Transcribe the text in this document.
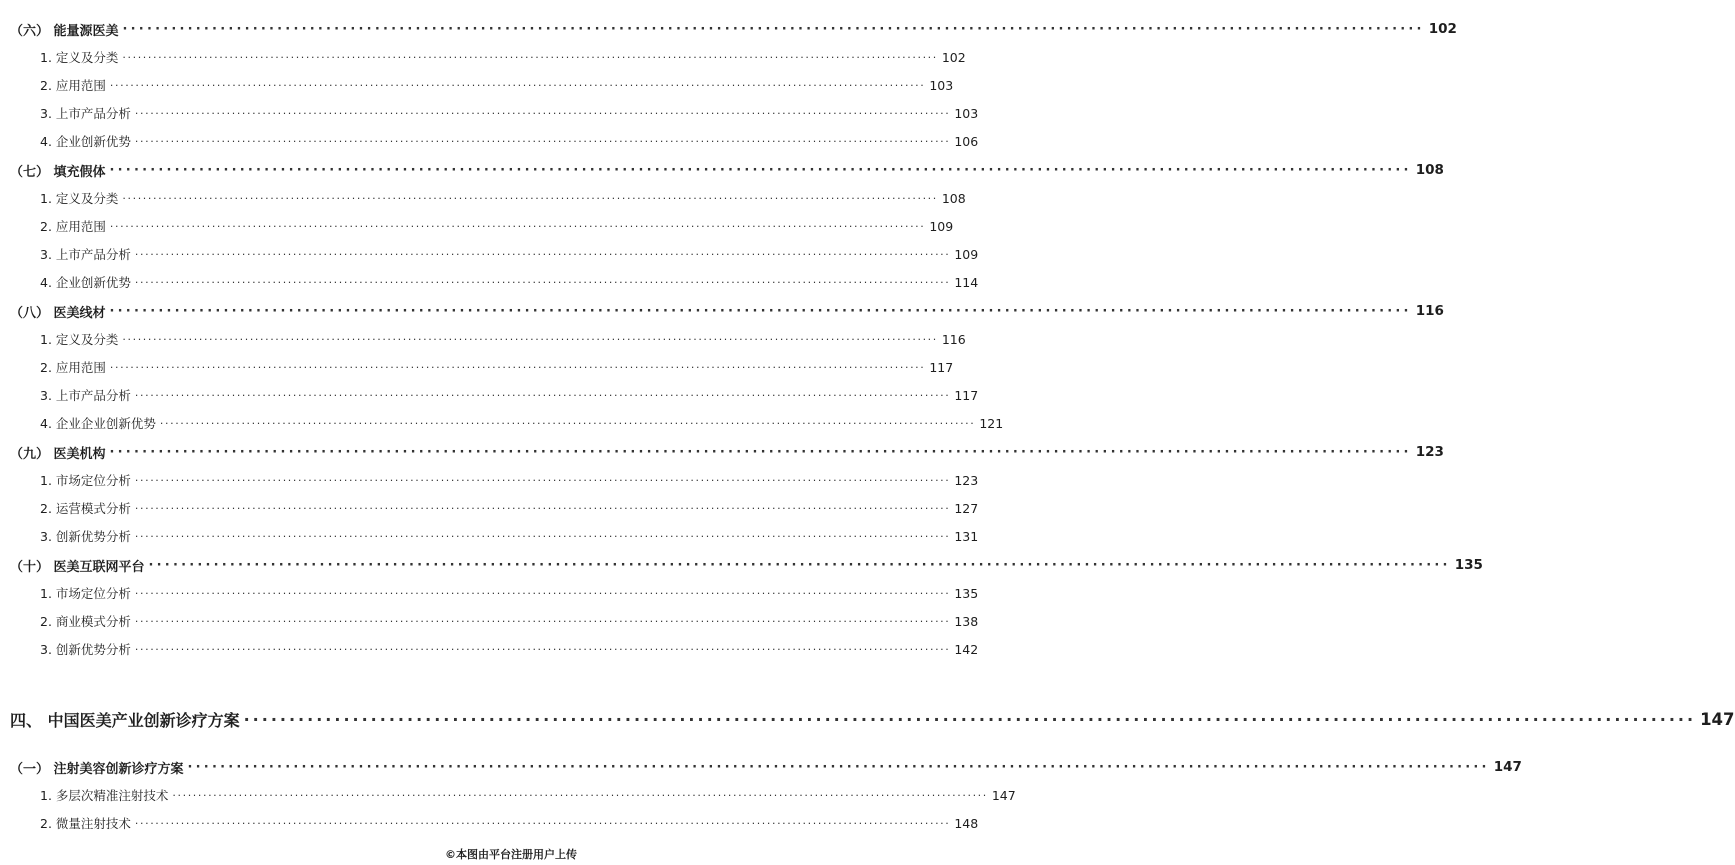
（六） 能量源医美 ································································································································································ 102
1. 定义及分类 ································································································································································ 102
2. 应用范围 ································································································································································ 103
3. 上市产品分析 ································································································································································ 103
4. 企业创新优势 ································································································································································ 106
（七） 填充假体 ································································································································································ 108
1. 定义及分类 ································································································································································ 108
2. 应用范围 ································································································································································ 109
3. 上市产品分析 ································································································································································ 109
4. 企业创新优势 ································································································································································ 114
（八） 医美线材 ································································································································································ 116
1. 定义及分类 ································································································································································ 116
2. 应用范围 ································································································································································ 117
3. 上市产品分析 ································································································································································ 117
4. 企业企业创新优势 ································································································································································ 121
（九） 医美机构 ································································································································································ 123
1. 市场定位分析 ································································································································································ 123
2. 运营模式分析 ································································································································································ 127
3. 创新优势分析 ································································································································································ 131
（十） 医美互联网平台 ································································································································································ 135
1. 市场定位分析 ································································································································································ 135
2. 商业模式分析 ································································································································································ 138
3. 创新优势分析 ································································································································································ 142
四、 中国医美产业创新诊疗方案 ································································································································································ 147
（一） 注射美容创新诊疗方案 ································································································································································ 147
1. 多层次精准注射技术 ································································································································································ 147
2. 微量注射技术 ································································································································································ 148
©本图由平台注册用户上传
